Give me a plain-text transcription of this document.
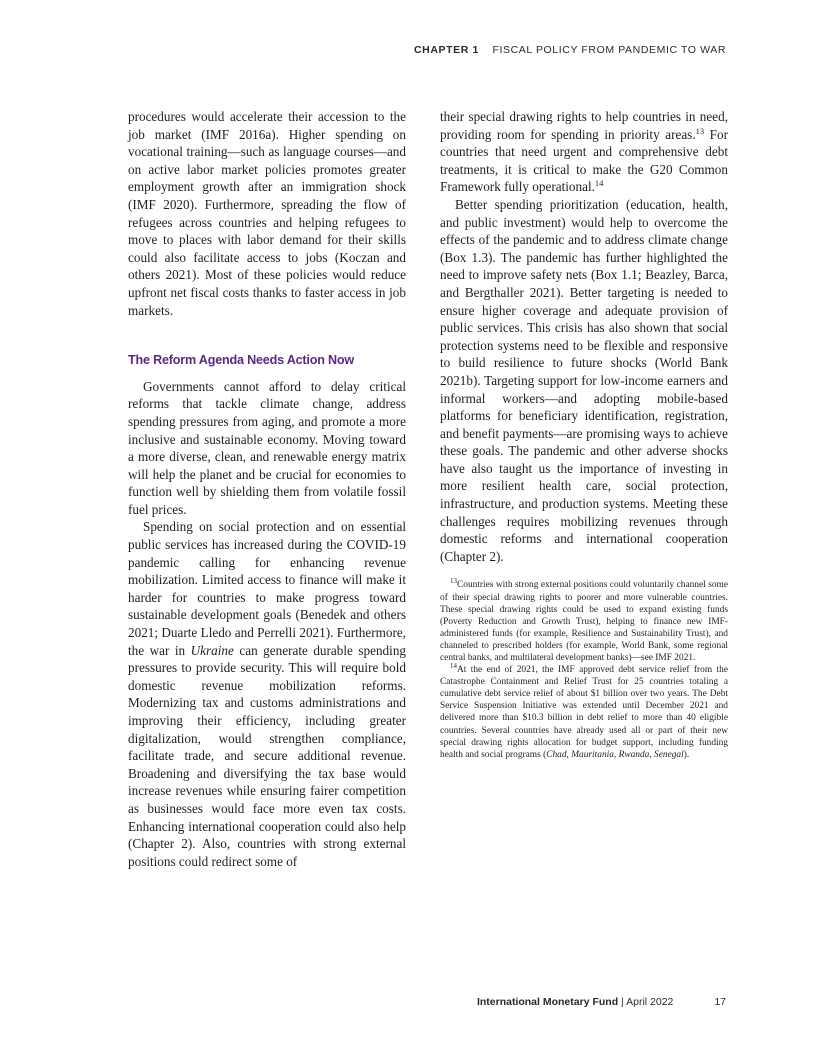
CHAPTER 1 FISCAL POLICY FROM PANDEMIC TO WAR

procedures would accelerate their accession to the job market (IMF 2016a). Higher spending on vocational training—such as language courses—and on active labor market policies promotes greater employment growth after an immigration shock (IMF 2020). Furthermore, spreading the flow of refugees across countries and helping refugees to move to places with labor demand for their skills could also facilitate access to jobs (Koczan and others 2021). Most of these policies would reduce upfront net fiscal costs thanks to faster access in job markets.

The Reform Agenda Needs Action Now

Governments cannot afford to delay critical reforms that tackle climate change, address spending pressures from aging, and promote a more inclusive and sustainable economy. Moving toward a more diverse, clean, and renewable energy matrix will help the planet and be crucial for economies to function well by shielding them from volatile fossil fuel prices.

Spending on social protection and on essential public services has increased during the COVID-19 pandemic calling for enhancing revenue mobilization. Limited access to finance will make it harder for countries to make progress toward sustainable development goals (Benedek and others 2021; Duarte Lledo and Perrelli 2021). Furthermore, the war in Ukraine can generate durable spending pressures to provide security. This will require bold domestic revenue mobilization reforms. Modernizing tax and customs administrations and improving their efficiency, including greater digitalization, would strengthen compliance, facilitate trade, and secure additional revenue. Broadening and diversifying the tax base would increase revenues while ensuring fairer competition as businesses would face more even tax costs. Enhancing international cooperation could also help (Chapter 2). Also, countries with strong external positions could redirect some of

their special drawing rights to help countries in need, providing room for spending in priority areas.$^{13}$ For countries that need urgent and comprehensive debt treatments, it is critical to make the G20 Common Framework fully operational.$^{14}$

Better spending prioritization (education, health, and public investment) would help to overcome the effects of the pandemic and to address climate change (Box 1.3). The pandemic has further highlighted the need to improve safety nets (Box 1.1; Beazley, Barca, and Bergthaller 2021). Better targeting is needed to ensure higher coverage and adequate provision of public services. This crisis has also shown that social protection systems need to be flexible and responsive to build resilience to future shocks (World Bank 2021b). Targeting support for low-income earners and informal workers—and adopting mobile-based platforms for beneficiary identification, registration, and benefit payments—are promising ways to achieve these goals. The pandemic and other adverse shocks have also taught us the importance of investing in more resilient health care, social protection, infrastructure, and production systems. Meeting these challenges requires mobilizing revenues through domestic reforms and international cooperation (Chapter 2).

$^{13}$Countries with strong external positions could voluntarily channel some of their special drawing rights to poorer and more vulnerable countries. These special drawing rights could be used to expand existing funds (Poverty Reduction and Growth Trust), helping to finance new IMF-administered funds (for example, Resilience and Sustainability Trust), and channeled to prescribed holders (for example, World Bank, some regional central banks, and multilateral development banks)—see IMF 2021.

$^{14}$At the end of 2021, the IMF approved debt service relief from the Catastrophe Containment and Relief Trust for 25 countries totaling a cumulative debt service relief of about $1 billion over two years. The Debt Service Suspension Initiative was extended until December 2021 and delivered more than $10.3 billion in debt relief to more than 40 eligible countries. Several countries have already used all or part of their new special drawing rights allocation for budget support, including funding health and social programs (Chad, Mauritania, Rwanda, Senegal).

International Monetary Fund | April 2022	17
